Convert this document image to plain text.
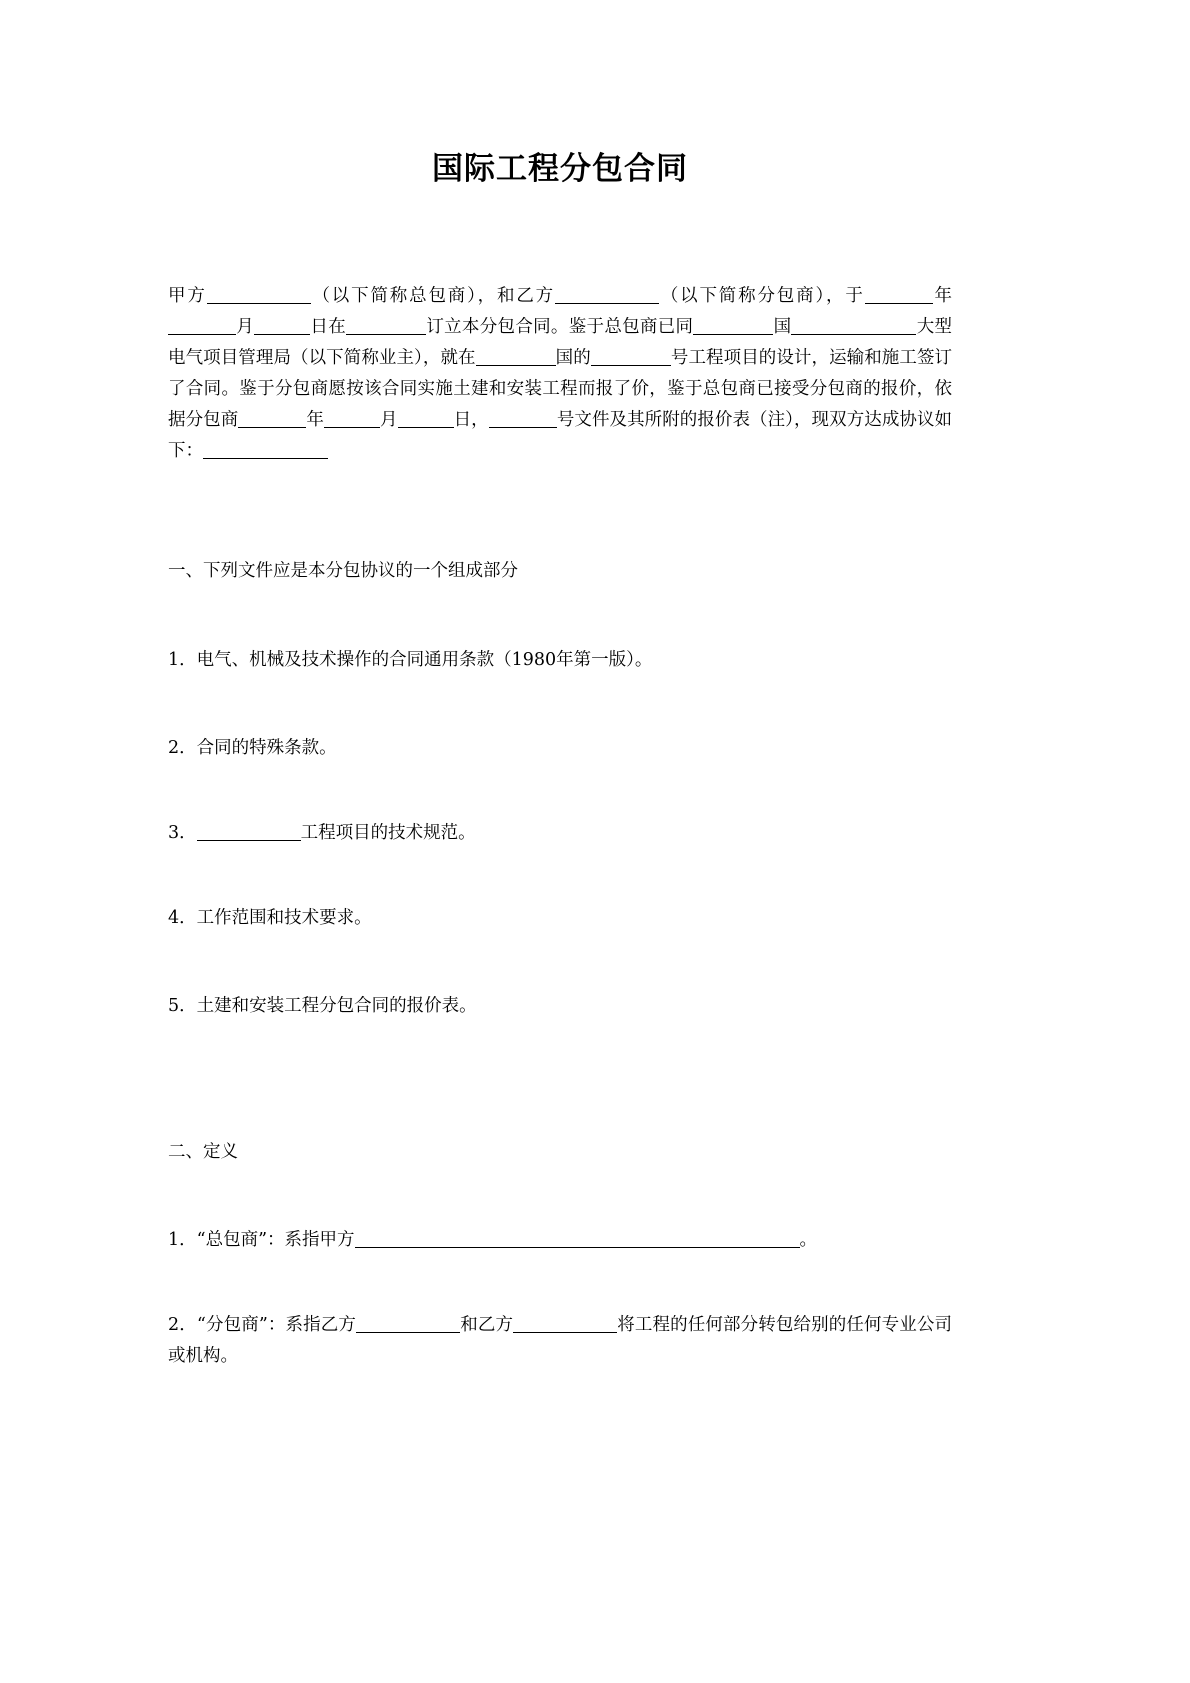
国际工程分包合同

甲方	（以下简称总包商），和乙方	（以下简称分包商），于	年月	日在	订立本分包合同。鉴于总包商已同	国	大型电气项目管理局（以下简称业主），就在	国的	号工程项目的设计，运输和施工签订了合同。鉴于分包商愿按该合同实施土建和安装工程而报了价，鉴于总包商已接受分包商的报价，依据分包商	年	月	日，	号文件及其所附的报价表（注），现双方达成协议如下：

一、下列文件应是本分包协议的一个组成部分
1．电气、机械及技术操作的合同通用条款（1980年第一版）。
2．合同的特殊条款。
3．	工程项目的技术规范。
4．工作范围和技术要求。
5．土建和安装工程分包合同的报价表。
二、定义
1．“总包商”：系指甲方	。
2．“分包商”：系指乙方	和乙方	将工程的任何部分转包给别的任何专业公司或机构。
